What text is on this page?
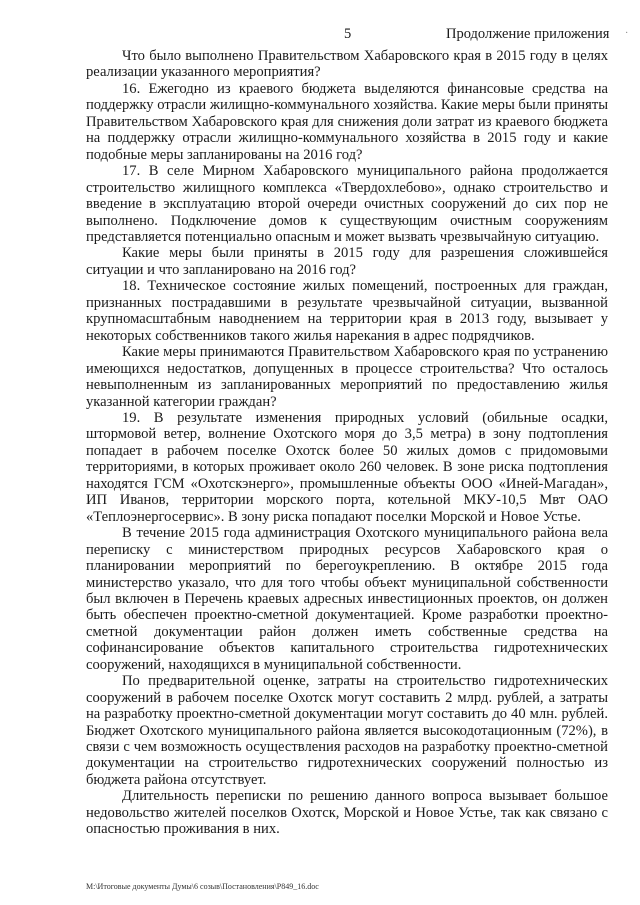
5	Продолжение приложения ·

Что было выполнено Правительством Хабаровского края в 2015 году в целях реализации указанного мероприятия?

16. Ежегодно из краевого бюджета выделяются финансовые средства на поддержку отрасли жилищно-коммунального хозяйства. Какие меры были приняты Правительством Хабаровского края для снижения доли затрат из краевого бюджета на поддержку отрасли жилищно-коммунального хозяйства в 2015 году и какие подобные меры запланированы на 2016 год?

17. В селе Мирном Хабаровского муниципального района продолжается строительство жилищного комплекса «Твердохлебово», однако строительство и введение в эксплуатацию второй очереди очистных сооружений до сих пор не выполнено. Подключение домов к существующим очистным сооружениям представляется потенциально опасным и может вызвать чрезвычайную ситуацию.

Какие меры были приняты в 2015 году для разрешения сложившейся ситуации и что запланировано на 2016 год?

18. Техническое состояние жилых помещений, построенных для граждан, признанных пострадавшими в результате чрезвычайной ситуации, вызванной крупномасштабным наводнением на территории края в 2013 году, вызывает у некоторых собственников такого жилья нарекания в адрес подрядчиков.

Какие меры принимаются Правительством Хабаровского края по устранению имеющихся недостатков, допущенных в процессе строительства? Что осталось невыполненным из запланированных мероприятий по предоставлению жилья указанной категории граждан?

19. В результате изменения природных условий (обильные осадки, штормовой ветер, волнение Охотского моря до 3,5 метра) в зону подтопления попадает в рабочем поселке Охотск более 50 жилых домов с придомовыми территориями, в которых проживает около 260 человек. В зоне риска подтопления находятся ГСМ «Охотскэнерго», промышленные объекты ООО «Иней-Магадан», ИП Иванов, территории морского порта, котельной МКУ-10,5 Мвт ОАО «Теплоэнергосервис». В зону риска попадают поселки Морской и Новое Устье.

В течение 2015 года администрация Охотского муниципального района вела переписку с министерством природных ресурсов Хабаровского края о планировании мероприятий по берегоукреплению. В октябре 2015 года министерство указало, что для того чтобы объект муниципальной собственности был включен в Перечень краевых адресных инвестиционных проектов, он должен быть обеспечен проектно-сметной документацией. Кроме разработки проектно-сметной документации район должен иметь собственные средства на софинансирование объектов капитального строительства гидротехнических сооружений, находящихся в муниципальной собственности.

По предварительной оценке, затраты на строительство гидротехнических сооружений в рабочем поселке Охотск могут составить 2 млрд. рублей, а затраты на разработку проектно-сметной документации могут составить до 40 млн. рублей. Бюджет Охотского муниципального района является высокодотационным (72%), в связи с чем возможность осуществления расходов на разработку проектно-сметной документации на строительство гидротехнических сооружений полностью из бюджета района отсутствует.

Длительность переписки по решению данного вопроса вызывает большое недовольство жителей поселков Охотск, Морской и Новое Устье, так как связано с опасностью проживания в них.

M:\Итоговые документы Думы\6 созыв\Постановления\P849_16.doc
